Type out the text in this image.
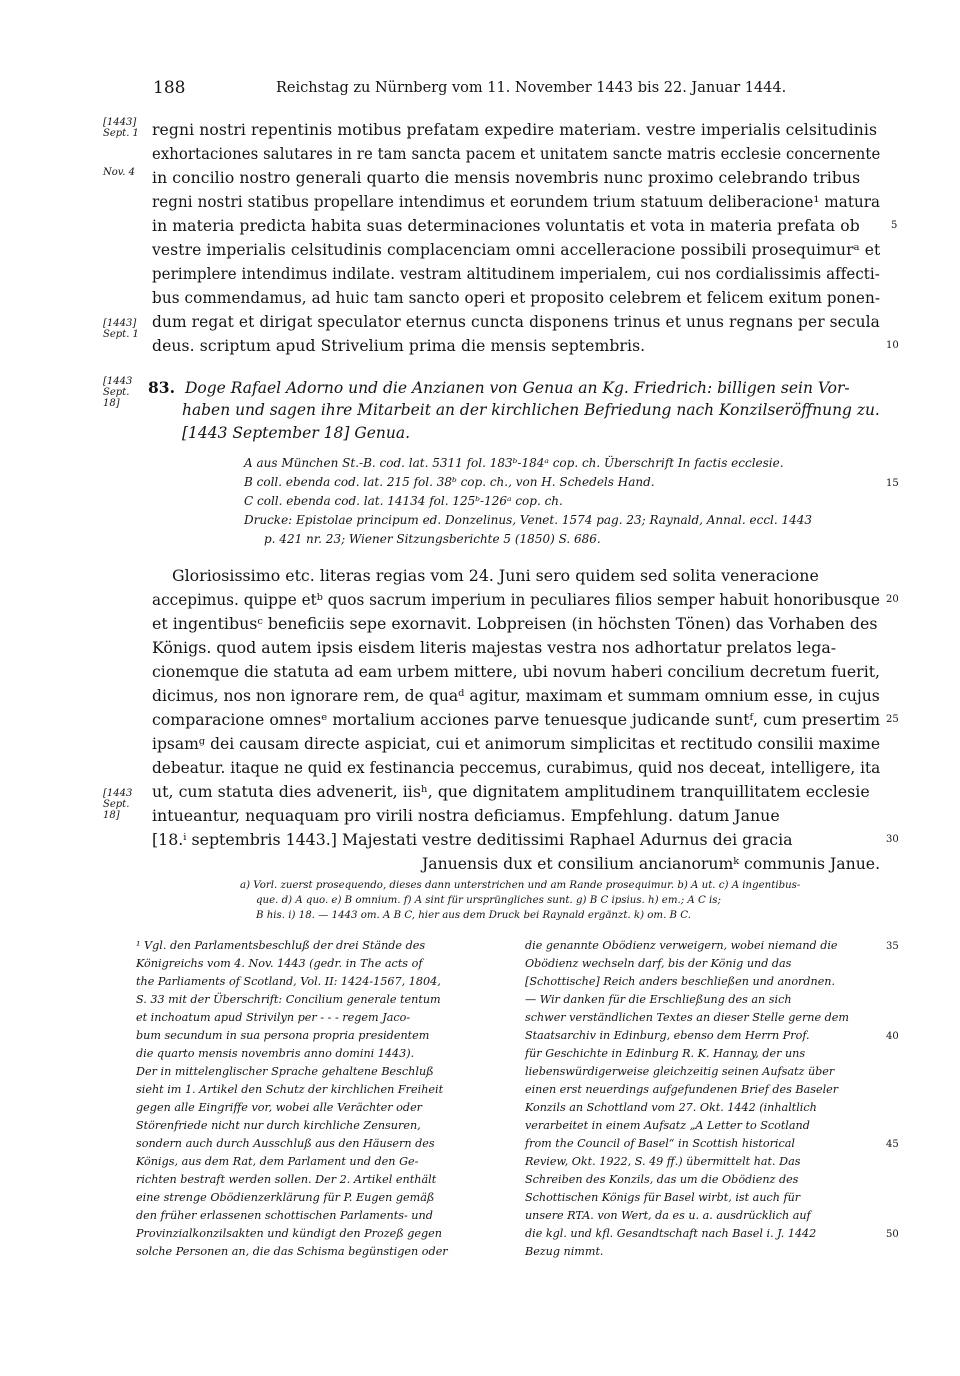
188	Reichstag zu Nürnberg vom 11. November 1443 bis 22. Januar 1444.
[1443] Sept. 1
Nov. 4
[1443] Sept. 1
regni nostri repentinis motibus prefatam expedire materiam. vestre imperialis celsitudinis
exhortaciones salutares in re tam sancta pacem et unitatem sancte matris ecclesie concernente
in concilio nostro generali quarto die mensis novembris nunc proximo celebrando tribus
regni nostri statibus propellare intendimus et eorundem trium statuum deliberacione¹ matura
in materia predicta habita suas determinaciones voluntatis et vota in materia prefata ob
vestre imperialis celsitudinis complacenciam omni accelleracione possibili prosequimurᵃ et
perimplere intendimus indilate. vestram altitudinem imperialem, cui nos cordialissimis affecti-
bus commendamus, ad huic tam sancto operi et proposito celebrem et felicem exitum ponen-
dum regat et dirigat speculator eternus cuncta disponens trinus et unus regnans per secula
deus. scriptum apud Strivelium prima die mensis septembris.
5
10
[1443 Sept. 18]
83. Doge Rafael Adorno und die Anzianen von Genua an Kg. Friedrich: billigen sein Vor-
haben und sagen ihre Mitarbeit an der kirchlichen Befriedung nach Konzilseröffnung zu.
[1443 September 18] Genua.
A aus München St.-B. cod. lat. 5311 fol. 183ᵇ-184ᵃ cop. ch. Überschrift In factis ecclesie.
B coll. ebenda cod. lat. 215 fol. 38ᵇ cop. ch., von H. Schedels Hand.
C coll. ebenda cod. lat. 14134 fol. 125ᵇ-126ᵃ cop. ch.
Drucke: Epistolae principum ed. Donzelinus, Venet. 1574 pag. 23; Raynald, Annal. eccl. 1443
p. 421 nr. 23; Wiener Sitzungsberichte 5 (1850) S. 686.
15
Gloriosissimo etc. literas regias vom 24. Juni sero quidem sed solita veneracione
accepimus. quippe etᵇ quos sacrum imperium in peculiares filios semper habuit honoribusque
et ingentibusᶜ beneficiis sepe exornavit. Lobpreisen (in höchsten Tönen) das Vorhaben des
Königs. quod autem ipsis eisdem literis majestas vestra nos adhortatur prelatos lega-
cionemque die statuta ad eam urbem mittere, ubi novum haberi concilium decretum fuerit,
dicimus, nos non ignorare rem, de quaᵈ agitur, maximam et summam omnium esse, in cujus
comparacione omnesᵉ mortalium acciones parve tenuesque judicande suntᶠ, cum presertim
ipsamᵍ dei causam directe aspiciat, cui et animorum simplicitas et rectitudo consilii maxime
debeatur. itaque ne quid ex festinancia peccemus, curabimus, quid nos deceat, intelligere, ita
ut, cum statuta dies advenerit, iisʰ, que dignitatem amplitudinem tranquillitatem ecclesie
intueantur, nequaquam pro virili nostra deficiamus. Empfehlung. datum Janue
[18.ⁱ septembris 1443.] Majestati vestre deditissimi Raphael Adurnus dei gracia
Januensis dux et consilium ancianorumᵏ communis Janue.
[1443 Sept. 18]
20
25
30
a) Vorl. zuerst prosequendo, dieses dann unterstrichen und am Rande prosequimur. b) A ut. c) A ingentibus-
que. d) A quo. e) B omnium. f) A sint für ursprüngliches sunt. g) B C ipsius. h) em.; A C is;
B his. i) 18. — 1443 om. A B C, hier aus dem Druck bei Raynald ergänzt. k) om. B C.
¹ Vgl. den Parlamentsbeschluß der drei Stände des
Königreichs vom 4. Nov. 1443 (gedr. in The acts of
the Parliaments of Scotland, Vol. II: 1424-1567, 1804,
S. 33 mit der Überschrift: Concilium generale tentum
et inchoatum apud Strivilyn per - - - regem Jaco-
bum secundum in sua persona propria presidentem
die quarto mensis novembris anno domini 1443).
Der in mittelenglischer Sprache gehaltene Beschluß
sieht im 1. Artikel den Schutz der kirchlichen Freiheit
gegen alle Eingriffe vor, wobei alle Verächter oder
Störenfriede nicht nur durch kirchliche Zensuren,
sondern auch durch Ausschluß aus den Häusern des
Königs, aus dem Rat, dem Parlament und den Ge-
richten bestraft werden sollen. Der 2. Artikel enthält
eine strenge Obödienzerklärung für P. Eugen gemäß
den früher erlassenen schottischen Parlaments- und
Provinzialkonzilsakten und kündigt den Prozeß gegen
solche Personen an, die das Schisma begünstigen oder
die genannte Obödienz verweigern, wobei niemand die
Obödienz wechseln darf, bis der König und das
[Schottische] Reich anders beschließen und anordnen.
— Wir danken für die Erschließung des an sich
schwer verständlichen Textes an dieser Stelle gerne dem
Staatsarchiv in Edinburg, ebenso dem Herrn Prof.
für Geschichte in Edinburg R. K. Hannay, der uns
liebenswürdigerweise gleichzeitig seinen Aufsatz über
einen erst neuerdings aufgefundenen Brief des Baseler
Konzils an Schottland vom 27. Okt. 1442 (inhaltlich
verarbeitet in einem Aufsatz „A Letter to Scotland
from the Council of Basel“ in Scottish historical
Review, Okt. 1922, S. 49 ff.) übermittelt hat. Das
Schreiben des Konzils, das um die Obödienz des
Schottischen Königs für Basel wirbt, ist auch für
unsere RTA. von Wert, da es u. a. ausdrücklich auf
die kgl. und kfl. Gesandtschaft nach Basel i. J. 1442
Bezug nimmt.
35
40
45
50
